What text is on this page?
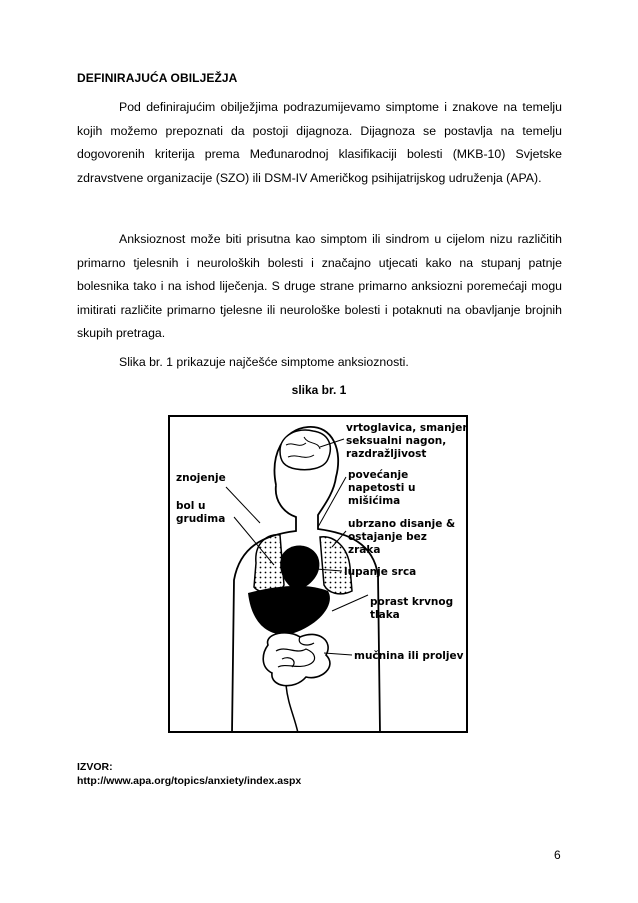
DEFINIRAJUĆA OBILJEŽJA
Pod definirajućim obilježjima podrazumijevamo simptome i znakove na temelju kojih možemo prepoznati da postoji dijagnoza. Dijagnoza se postavlja na temelju dogovorenih kriterija prema Međunarodnoj klasifikaciji bolesti (MKB-10) Svjetske zdravstvene organizacije (SZO) ili DSM-IV Američkog psihijatrijskog udruženja (APA).
Anksioznost može biti prisutna kao simptom ili sindrom u cijelom nizu različitih primarno tjelesnih i neuroloških bolesti i značajno utjecati kako na stupanj patnje bolesnika tako i na ishod liječenja. S druge strane primarno anksiozni poremećaji mogu imitirati različite primarno tjelesne ili neurološke bolesti i potaknuti na obavljanje brojnih skupih pretraga.
Slika br. 1 prikazuje najčešće simptome anksioznosti.
slika br. 1
vrtoglavica, smanjen seksualni nagon, razdražljivost
znojenje
bol u grudima
povećanje napetosti u mišićima
ubrzano disanje & ostajanje bez zraka
lupanje srca
porast krvnog tlaka
mučnina ili proljev
IZVOR:
http://www.apa.org/topics/anxiety/index.aspx
6
